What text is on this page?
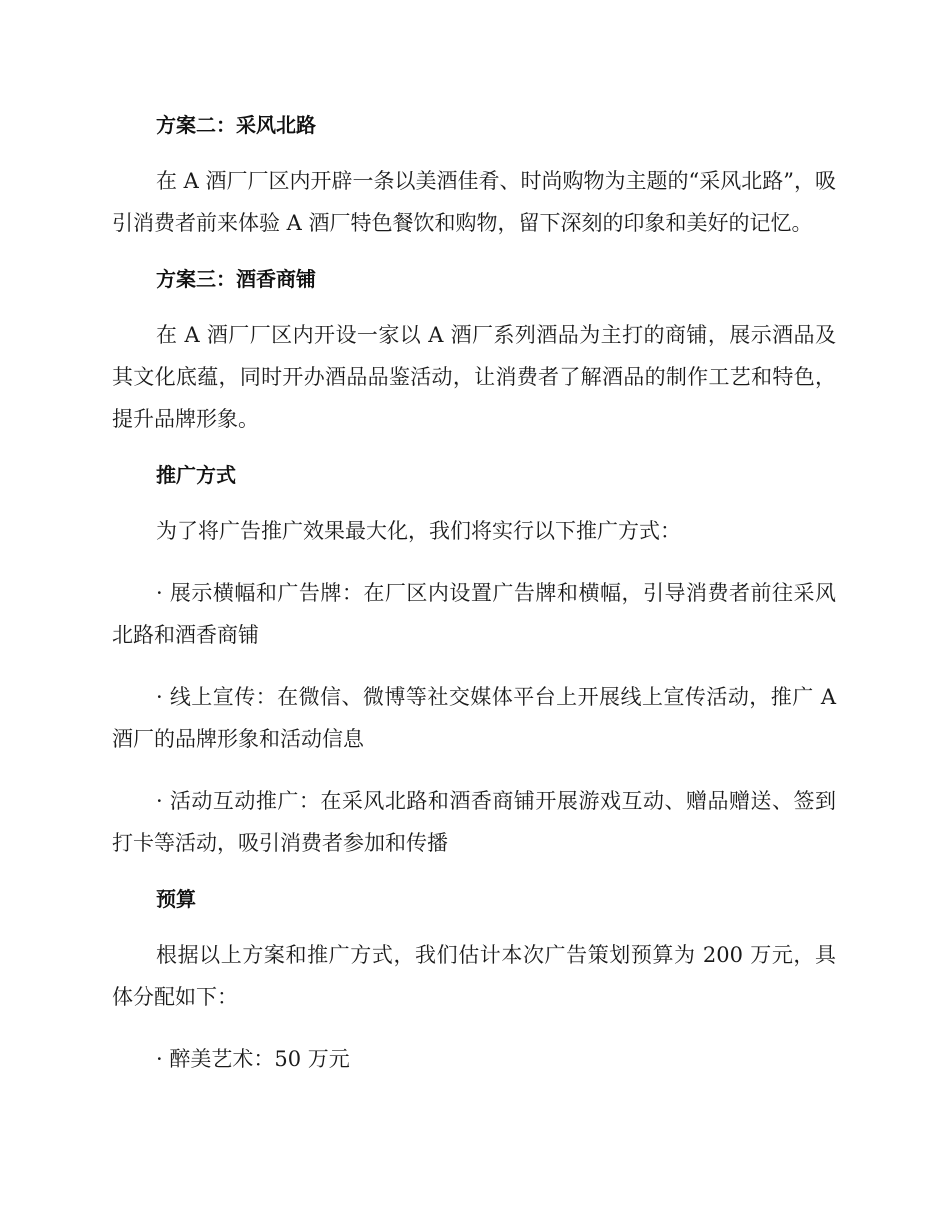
方案二：采风北路

在 A 酒厂厂区内开辟一条以美酒佳肴、时尚购物为主题的“采风北路”，吸引消费者前来体验 A 酒厂特色餐饮和购物，留下深刻的印象和美好的记忆。

方案三：酒香商铺

在 A 酒厂厂区内开设一家以 A 酒厂系列酒品为主打的商铺，展示酒品及其文化底蕴，同时开办酒品品鉴活动，让消费者了解酒品的制作工艺和特色，提升品牌形象。

推广方式

为了将广告推广效果最大化，我们将实行以下推广方式：

· 展示横幅和广告牌：在厂区内设置广告牌和横幅，引导消费者前往采风北路和酒香商铺

· 线上宣传：在微信、微博等社交媒体平台上开展线上宣传活动，推广 A 酒厂的品牌形象和活动信息

· 活动互动推广：在采风北路和酒香商铺开展游戏互动、赠品赠送、签到打卡等活动，吸引消费者参加和传播

预算

根据以上方案和推广方式，我们估计本次广告策划预算为 200 万元，具体分配如下：

· 醉美艺术：50 万元
